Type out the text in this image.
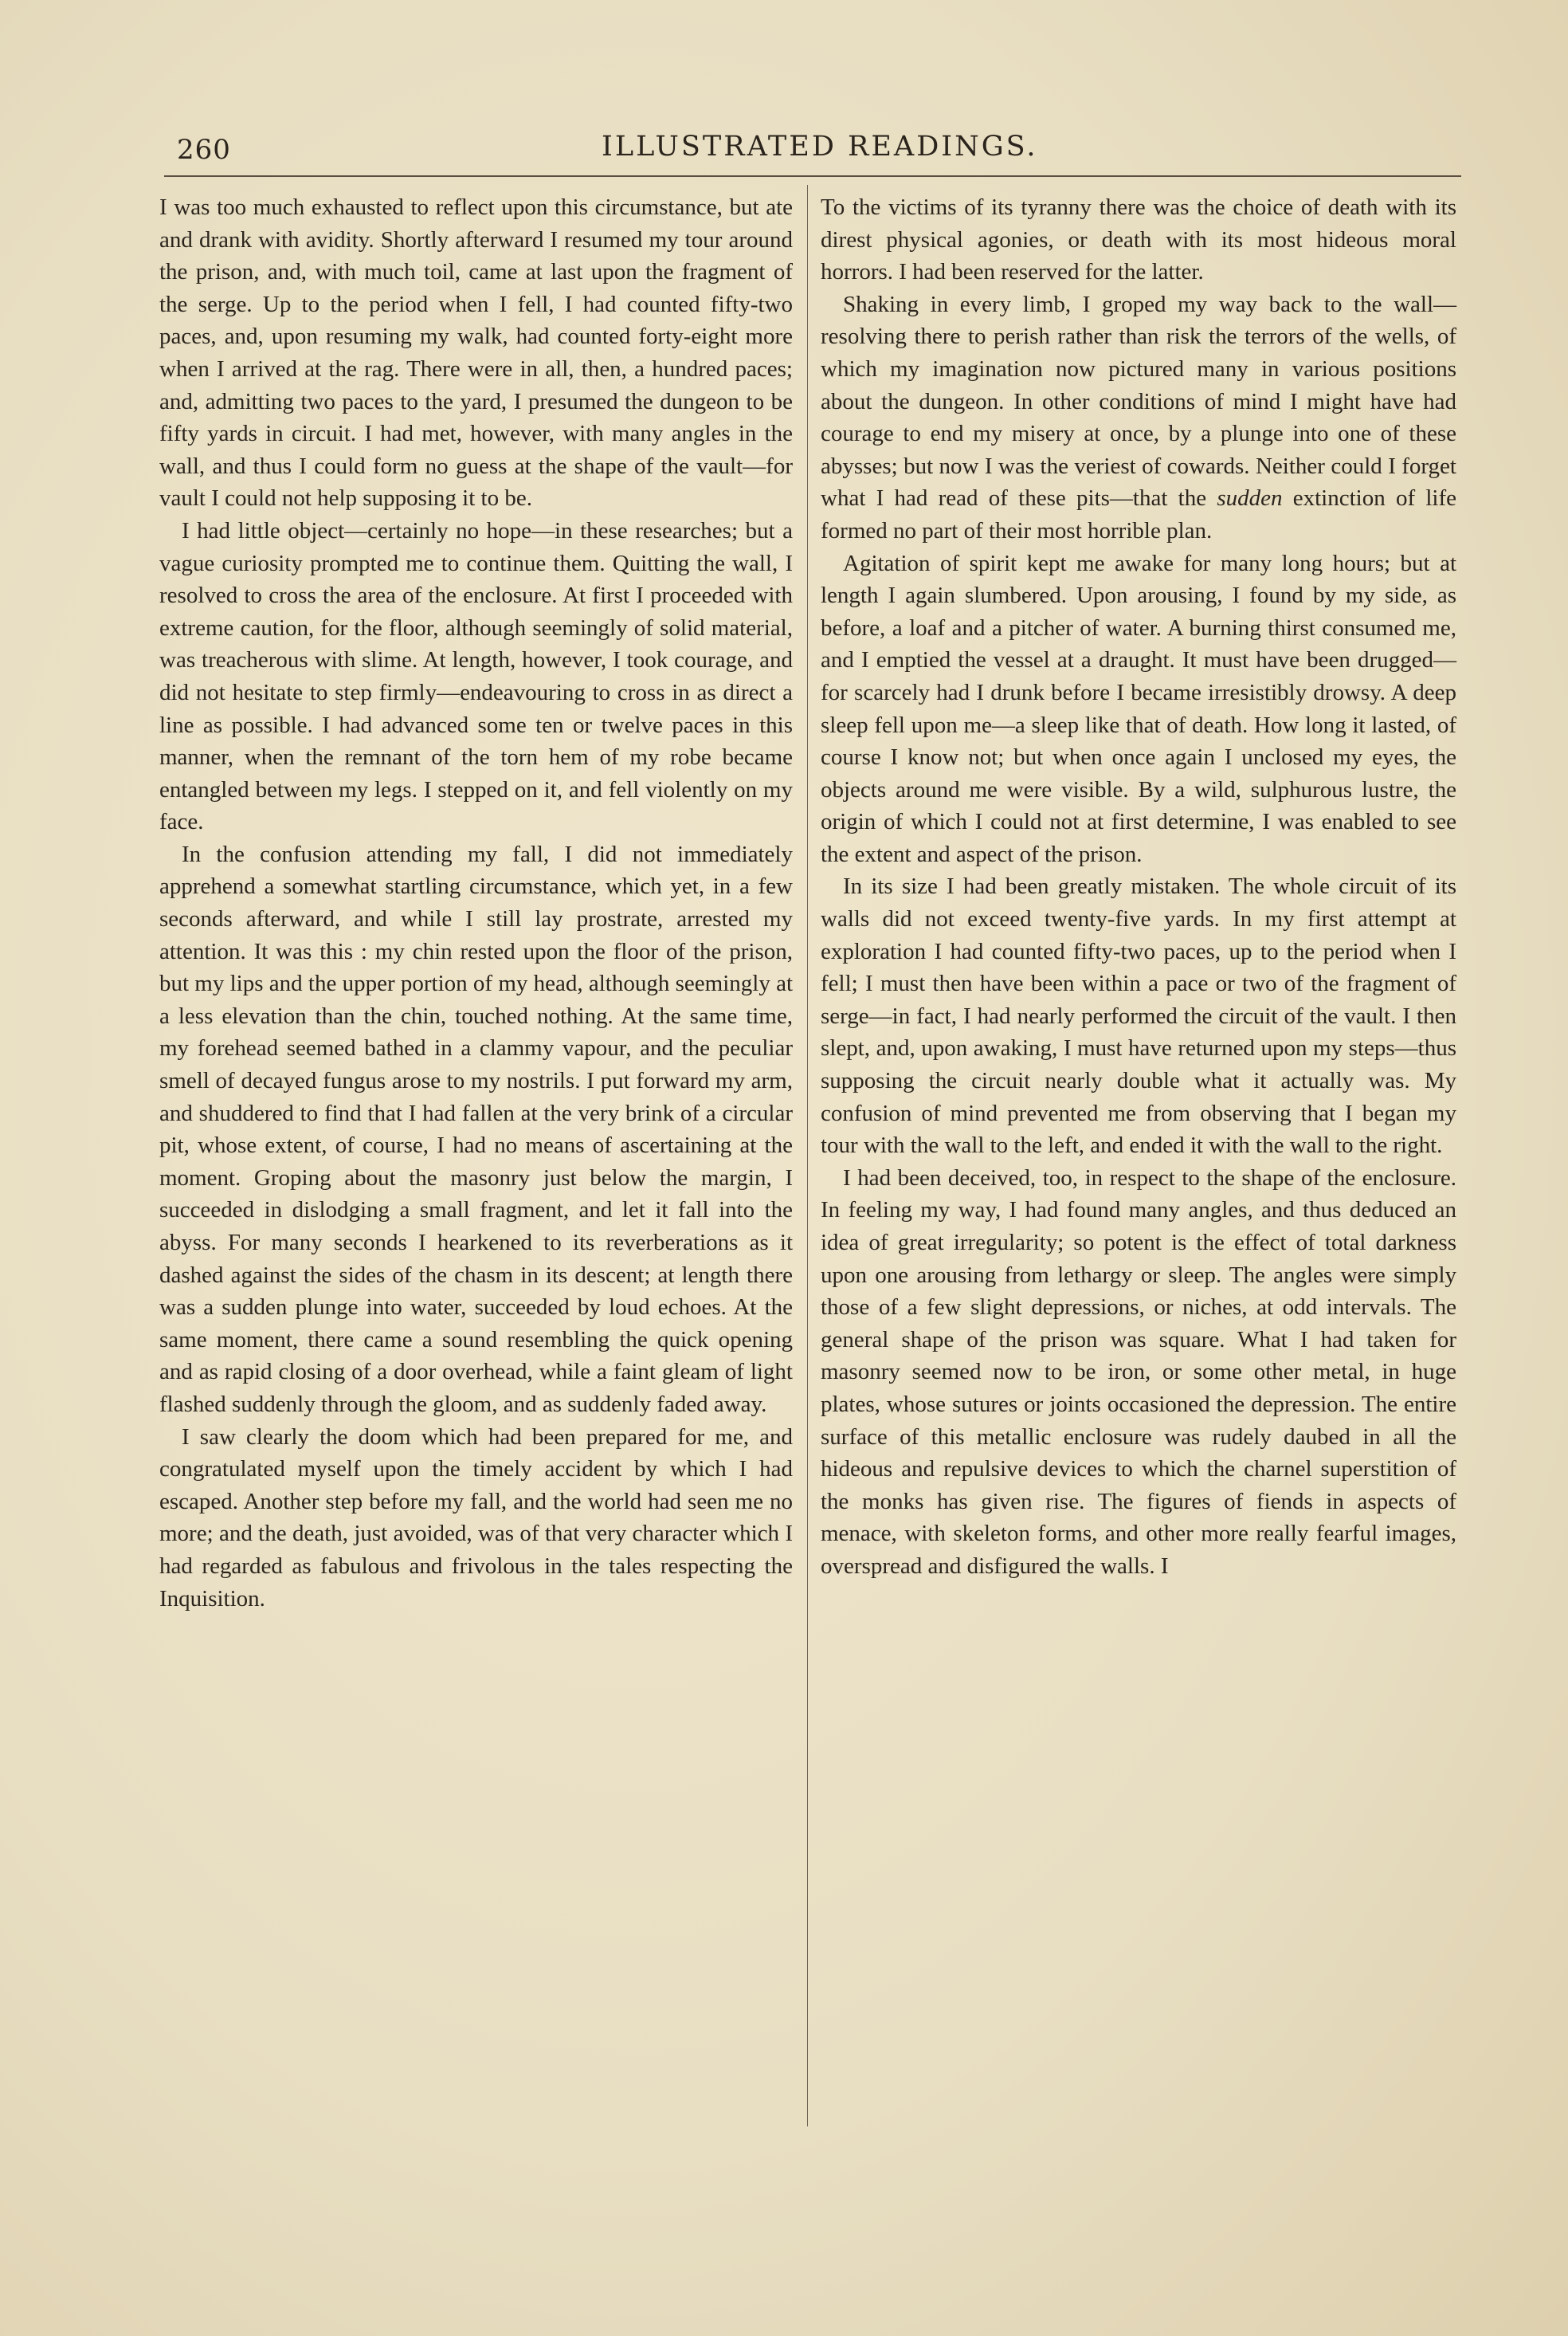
260	ILLUSTRATED READINGS.

I was too much exhausted to reflect upon this circumstance, but ate and drank with avidity. Shortly afterward I resumed my tour around the prison, and, with much toil, came at last upon the fragment of the serge. Up to the period when I fell, I had counted fifty-two paces, and, upon resuming my walk, had counted forty-eight more when I arrived at the rag. There were in all, then, a hundred paces; and, admitting two paces to the yard, I presumed the dungeon to be fifty yards in circuit. I had met, however, with many angles in the wall, and thus I could form no guess at the shape of the vault—for vault I could not help supposing it to be.

I had little object—certainly no hope—in these researches; but a vague curiosity prompted me to continue them. Quitting the wall, I resolved to cross the area of the enclosure. At first I proceeded with extreme caution, for the floor, although seemingly of solid material, was treacherous with slime. At length, however, I took courage, and did not hesitate to step firmly—endeavouring to cross in as direct a line as possible. I had advanced some ten or twelve paces in this manner, when the remnant of the torn hem of my robe became entangled between my legs. I stepped on it, and fell violently on my face.

In the confusion attending my fall, I did not immediately apprehend a somewhat startling circumstance, which yet, in a few seconds afterward, and while I still lay prostrate, arrested my attention. It was this : my chin rested upon the floor of the prison, but my lips and the upper portion of my head, although seemingly at a less elevation than the chin, touched nothing. At the same time, my forehead seemed bathed in a clammy vapour, and the peculiar smell of decayed fungus arose to my nostrils. I put forward my arm, and shuddered to find that I had fallen at the very brink of a circular pit, whose extent, of course, I had no means of ascertaining at the moment. Groping about the masonry just below the margin, I succeeded in dislodging a small fragment, and let it fall into the abyss. For many seconds I hearkened to its reverberations as it dashed against the sides of the chasm in its descent; at length there was a sudden plunge into water, succeeded by loud echoes. At the same moment, there came a sound resembling the quick opening and as rapid closing of a door overhead, while a faint gleam of light flashed suddenly through the gloom, and as suddenly faded away.

I saw clearly the doom which had been prepared for me, and congratulated myself upon the timely accident by which I had escaped. Another step before my fall, and the world had seen me no more; and the death, just avoided, was of that very character which I had regarded as fabulous and frivolous in the tales respecting the Inquisition.

To the victims of its tyranny there was the choice of death with its direst physical agonies, or death with its most hideous moral horrors. I had been reserved for the latter.

Shaking in every limb, I groped my way back to the wall—resolving there to perish rather than risk the terrors of the wells, of which my imagination now pictured many in various positions about the dungeon. In other conditions of mind I might have had courage to end my misery at once, by a plunge into one of these abysses; but now I was the veriest of cowards. Neither could I forget what I had read of these pits—that the sudden extinction of life formed no part of their most horrible plan.

Agitation of spirit kept me awake for many long hours; but at length I again slumbered. Upon arousing, I found by my side, as before, a loaf and a pitcher of water. A burning thirst consumed me, and I emptied the vessel at a draught. It must have been drugged—for scarcely had I drunk before I became irresistibly drowsy. A deep sleep fell upon me—a sleep like that of death. How long it lasted, of course I know not; but when once again I unclosed my eyes, the objects around me were visible. By a wild, sulphurous lustre, the origin of which I could not at first determine, I was enabled to see the extent and aspect of the prison.

In its size I had been greatly mistaken. The whole circuit of its walls did not exceed twenty-five yards. In my first attempt at exploration I had counted fifty-two paces, up to the period when I fell; I must then have been within a pace or two of the fragment of serge—in fact, I had nearly performed the circuit of the vault. I then slept, and, upon awaking, I must have returned upon my steps—thus supposing the circuit nearly double what it actually was. My confusion of mind prevented me from observing that I began my tour with the wall to the left, and ended it with the wall to the right.

I had been deceived, too, in respect to the shape of the enclosure. In feeling my way, I had found many angles, and thus deduced an idea of great irregularity; so potent is the effect of total darkness upon one arousing from lethargy or sleep. The angles were simply those of a few slight depressions, or niches, at odd intervals. The general shape of the prison was square. What I had taken for masonry seemed now to be iron, or some other metal, in huge plates, whose sutures or joints occasioned the depression. The entire surface of this metallic enclosure was rudely daubed in all the hideous and repulsive devices to which the charnel superstition of the monks has given rise. The figures of fiends in aspects of menace, with skeleton forms, and other more really fearful images, overspread and disfigured the walls. I
